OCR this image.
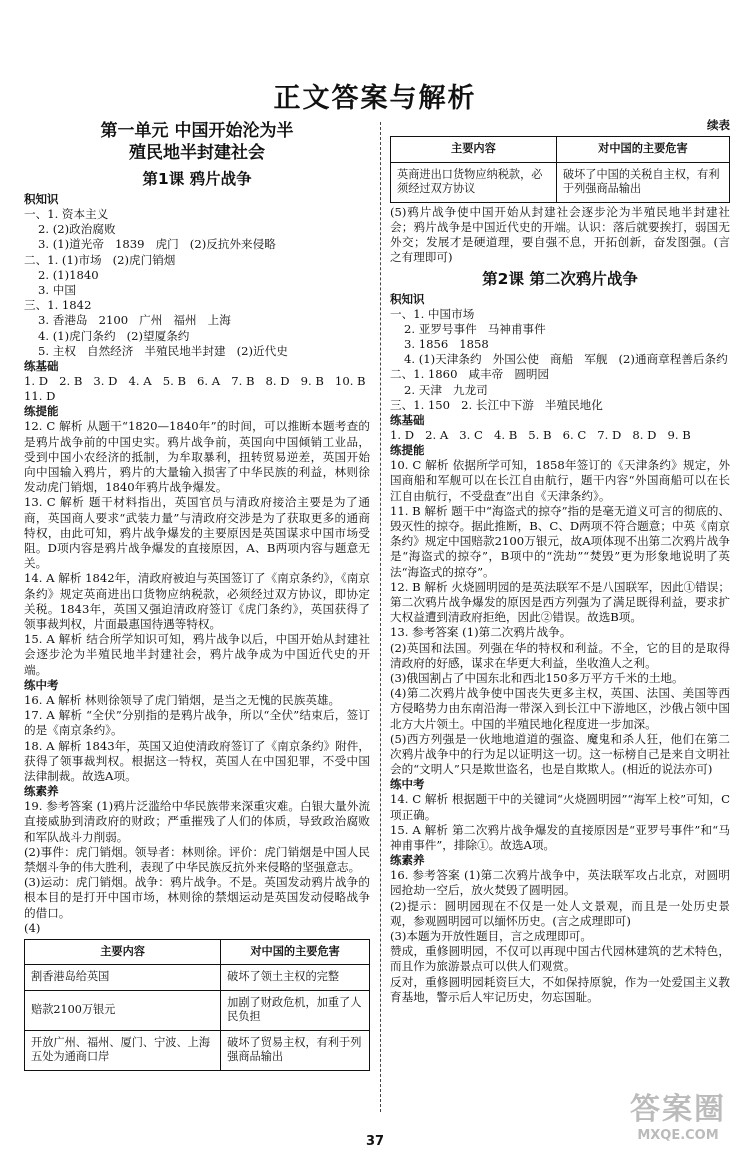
正文答案与解析
第一单元 中国开始沦为半
殖民地半封建社会
第1课 鸦片战争
积知识
一、1. 资本主义
2. (2)政治腐败
3. (1)道光帝   1839   虎门   (2)反抗外来侵略
二、1. (1)市场   (2)虎门销烟
2. (1)1840
3. 中国
三、1. 1842
3. 香港岛   2100   广州   福州   上海
4. (1)虎门条约   (2)望厦条约
5. 主权   自然经济   半殖民地半封建   (2)近代史
练基础
1. D   2. B   3. D   4. A   5. B   6. A   7. B   8. D   9. B   10. B   11. D
练提能
12. C 解析 从题干“1820—1840年”的时间，可以推断本题考查的是鸦片战争前的中国史实。鸦片战争前，英国向中国倾销工业品，受到中国小农经济的抵制，为牟取暴利，扭转贸易逆差，英国开始向中国输入鸦片，鸦片的大量输入损害了中华民族的利益，林则徐发动虎门销烟，1840年鸦片战争爆发。
13. C 解析 题干材料指出，英国官员与清政府接洽主要是为了通商，英国商人要求“武装力量”与清政府交涉是为了获取更多的通商特权，由此可知，鸦片战争爆发的主要原因是英国谋求中国市场受阻。D项内容是鸦片战争爆发的直接原因，A、B两项内容与题意无关。
14. A 解析 1842年，清政府被迫与英国签订了《南京条约》，《南京条约》规定英商进出口货物应纳税款，必须经过双方协议，即协定关税。1843年，英国又强迫清政府签订《虎门条约》，英国获得了领事裁判权，片面最惠国待遇等特权。
15. A 解析 结合所学知识可知，鸦片战争以后，中国开始从封建社会逐步沦为半殖民地半封建社会，鸦片战争成为中国近代史的开端。
练中考
16. A 解析 林则徐领导了虎门销烟，是当之无愧的民族英雄。
17. A 解析 “全伏”分别指的是鸦片战争，所以“全伏”结束后，签订的是《南京条约》。
18. A 解析 1843年，英国又迫使清政府签订了《南京条约》附件，获得了领事裁判权。根据这一特权，英国人在中国犯罪，不受中国法律制裁。故选A项。
练素养
19. 参考答案 (1)鸦片泛滥给中华民族带来深重灾难。白银大量外流直接威胁到清政府的财政；严重摧残了人们的体质，导致政治腐败和军队战斗力削弱。
(2)事件：虎门销烟。领导者：林则徐。评价：虎门销烟是中国人民禁烟斗争的伟大胜利，表现了中华民族反抗外来侵略的坚强意志。
(3)运动：虎门销烟。战争：鸦片战争。不是。英国发动鸦片战争的根本目的是打开中国市场，林则徐的禁烟运动是英国发动侵略战争的借口。
(4)
主要内容	对中国的主要危害
割香港岛给英国	破坏了领土主权的完整
赔款2100万银元	加剧了财政危机，加重了人民负担
开放广州、福州、厦门、宁波、上海五处为通商口岸	破坏了贸易主权，有利于列强商品输出
续表
主要内容	对中国的主要危害
英商进出口货物应纳税款，必须经过双方协议	破坏了中国的关税自主权，有利于列强商品输出
(5)鸦片战争使中国开始从封建社会逐步沦为半殖民地半封建社会；鸦片战争是中国近代史的开端。认识：落后就要挨打，弱国无外交；发展才是硬道理，要自强不息，开拓创新，奋发图强。(言之有理即可)
第2课 第二次鸦片战争
积知识
一、1. 中国市场
2. 亚罗号事件   马神甫事件
3. 1856   1858
4. (1)天津条约   外国公使   商船   军舰   (2)通商章程善后条约
二、1. 1860   咸丰帝   圆明园
2. 天津   九龙司
三、1. 150   2. 长江中下游   半殖民地化
练基础
1. D   2. A   3. C   4. B   5. B   6. C   7. D   8. D   9. B
练提能
10. C 解析 依据所学可知，1858年签订的《天津条约》规定，外国商船和军舰可以在长江自由航行，题干内容“外国商船可以在长江自由航行，不受盘查”出自《天津条约》。
11. B 解析 题干中“海盗式的掠夺”指的是毫无道义可言的彻底的、毁灭性的掠夺。据此推断，B、C、D两项不符合题意；中英《南京条约》规定中国赔款2100万银元，故A项体现不出第二次鸦片战争是“海盗式的掠夺”，B项中的“洗劫”“焚毁”更为形象地说明了英法“海盗式的掠夺”。
12. B 解析 火烧圆明园的是英法联军不是八国联军，因此①错误；第二次鸦片战争爆发的原因是西方列强为了满足既得利益，要求扩大权益遭到清政府拒绝，因此②错误。故选B项。
13. 参考答案 (1)第二次鸦片战争。
(2)英国和法国。列强在华的特权和利益。不全，它的目的是取得清政府的好感，谋求在华更大利益，坐收渔人之利。
(3)俄国割占了中国东北和西北150多万平方千米的土地。
(4)第二次鸦片战争使中国丧失更多主权，英国、法国、美国等西方侵略势力由东南沿海一带深入到长江中下游地区，沙俄占领中国北方大片领土。中国的半殖民地化程度进一步加深。
(5)西方列强是一伙地地道道的强盗、魔鬼和杀人狂，他们在第二次鸦片战争中的行为足以证明这一切。这一标榜自己是来自文明社会的“文明人”只是欺世盗名，也是自欺欺人。(相近的说法亦可)
练中考
14. C 解析 根据题干中的关键词“火烧圆明园”“海军上校”可知，C项正确。
15. A 解析 第二次鸦片战争爆发的直接原因是“亚罗号事件”和“马神甫事件”，排除①。故选A项。
练素养
16. 参考答案 (1)第二次鸦片战争中，英法联军攻占北京，对圆明园抢劫一空后，放火焚毁了圆明园。
(2)提示：圆明园现在不仅是一处人文景观，而且是一处历史景观，参观圆明园可以缅怀历史。(言之成理即可)
(3)本题为开放性题目，言之成理即可。
赞成，重修圆明园，不仅可以再现中国古代园林建筑的艺术特色，而且作为旅游景点可以供人们观赏。
反对，重修圆明园耗资巨大，不如保持原貌，作为一处爱国主义教育基地，警示后人牢记历史，勿忘国耻。
37
答案圈
MXQE.COM
